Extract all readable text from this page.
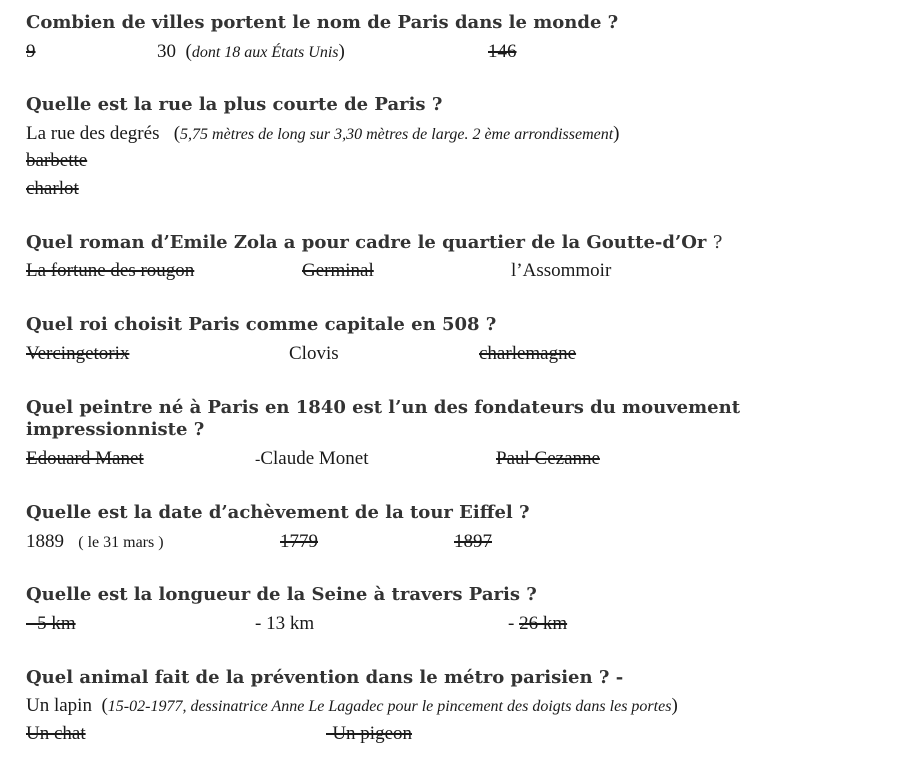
Combien de villes portent le nom de Paris dans le monde ?
9	30 (dont 18 aux États Unis)	146
Quelle est la rue la plus courte de Paris ?
La rue des degrés (5,75 mètres de long sur 3,30 mètres de large. 2 ème arrondissement)
barbette
charlot
Quel roman d’Emile Zola a pour cadre le quartier de la Goutte-d’Or ?
La fortune des rougon	Germinal	l’Assommoir
Quel roi choisit Paris comme capitale en 508 ?
Vercingetorix	Clovis	charlemagne
Quel peintre né à Paris en 1840 est l’un des fondateurs du mouvement impressionniste ?
Edouard Manet	-Claude Monet	Paul Cezanne
Quelle est la date d’achèvement de la tour Eiffel ?
1889 ( le 31 mars )	1779	1897
Quelle est la longueur de la Seine à travers Paris ?
- 5 km	- 13 km	- 26 km
Quel animal fait de la prévention dans le métro parisien ? -
Un lapin (15-02-1977, dessinatrice Anne Le Lagadec pour le pincement des doigts dans les portes)
Un chat	-Un pigeon
